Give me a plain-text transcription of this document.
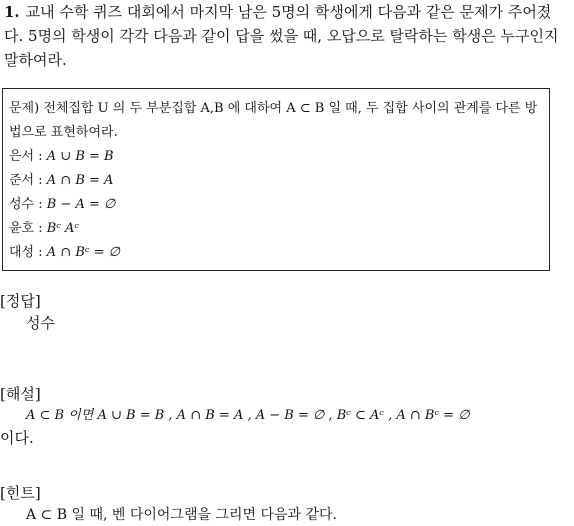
1. 교내 수학 퀴즈 대회에서 마지막 남은 5명의 학생에게 다음과 같은 문제가 주어졌다. 5명의 학생이 각각 다음과 같이 답을 썼을 때, 오답으로 탈락하는 학생은 누구인지 말하여라.

문제) 전체집합 U 의 두 부분집합 A,B 에 대하여 A ⊂ B 일 때, 두 집합 사이의 관계를 다른 방법으로 표현하여라.

은서 : A ∪ B = B
준서 : A ∩ B = A
성수 : B − A = ∅
윤호 : Bᶜ Aᶜ
대성 : A ∩ Bᶜ = ∅
[정답]
성수
[해설]
A ⊂ B 이면 A ∪ B = B , A ∩ B = A , A − B = ∅ , Bᶜ ⊂ Aᶜ , A ∩ Bᶜ = ∅
이다.
[힌트]
A ⊂ B 일 때, 벤 다이어그램을 그리면 다음과 같다.
